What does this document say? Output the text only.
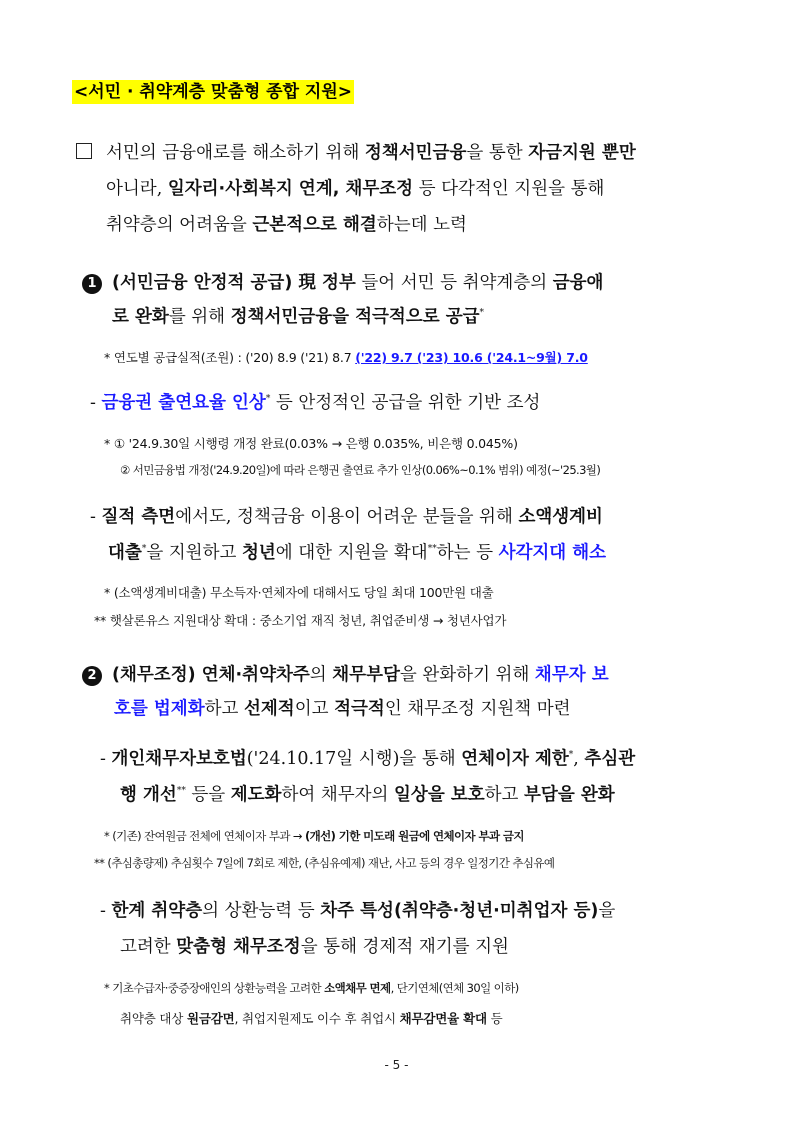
<서민 · 취약계층 맞춤형 종합 지원>
서민의 금융애로를 해소하기 위해 정책서민금융을 통한 자금지원 뿐만
아니라, 일자리·사회복지 연계, 채무조정 등 다각적인 지원을 통해
취약층의 어려움을 근본적으로 해결하는데 노력
1 (서민금융 안정적 공급) 現 정부 들어 서민 등 취약계층의 금융애
로 완화를 위해 정책서민금융을 적극적으로 공급*
* 연도별 공급실적(조원) : ('20) 8.9 ('21) 8.7 ('22) 9.7 ('23) 10.6 ('24.1~9월) 7.0
- 금융권 출연요율 인상* 등 안정적인 공급을 위한 기반 조성
* ① '24.9.30일 시행령 개정 완료(0.03% → 은행 0.035%, 비은행 0.045%)
② 서민금융법 개정('24.9.20일)에 따라 은행권 출연료 추가 인상(0.06%~0.1% 범위) 예정(~'25.3월)
- 질적 측면에서도, 정책금융 이용이 어려운 분들을 위해 소액생계비
대출*을 지원하고 청년에 대한 지원을 확대**하는 등 사각지대 해소
* (소액생계비대출) 무소득자·연체자에 대해서도 당일 최대 100만원 대출
** 햇살론유스 지원대상 확대 : 중소기업 재직 청년, 취업준비생 → 청년사업가
2 (채무조정) 연체·취약차주의 채무부담을 완화하기 위해 채무자 보
호를 법제화하고 선제적이고 적극적인 채무조정 지원책 마련
- 개인채무자보호법('24.10.17일 시행)을 통해 연체이자 제한*, 추심관
행 개선** 등을 제도화하여 채무자의 일상을 보호하고 부담을 완화
* (기존) 잔여원금 전체에 연체이자 부과 → (개선) 기한 미도래 원금에 연체이자 부과 금지
** (추심총량제) 추심횟수 7일에 7회로 제한, (추심유예제) 재난, 사고 등의 경우 일정기간 추심유예
- 한계 취약층의 상환능력 등 차주 특성(취약층·청년·미취업자 등)을
고려한 맞춤형 채무조정을 통해 경제적 재기를 지원
* 기초수급자·중증장애인의 상환능력을 고려한 소액채무 면제, 단기연체(연체 30일 이하)
취약층 대상 원금감면, 취업지원제도 이수 후 취업시 채무감면율 확대 등
- 5 -
